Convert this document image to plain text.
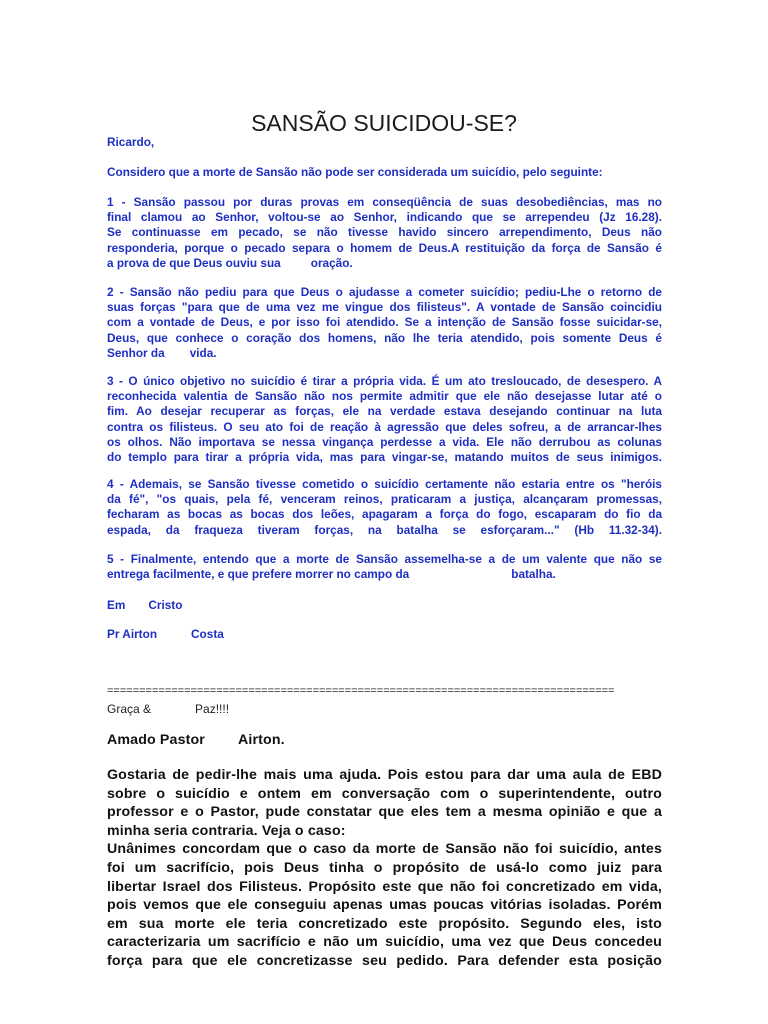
SANSÃO SUICIDOU-SE?

Ricardo,

Considero que a morte de Sansão não pode ser considerada um suicídio, pelo seguinte:

1 - Sansão passou por duras provas em conseqüência de suas desobediências, mas no
final clamou ao Senhor, voltou-se ao Senhor, indicando que se arrependeu (Jz 16.28).
Se continuasse em pecado, se não tivesse havido sincero arrependimento, Deus não
responderia, porque o pecado separa o homem de Deus.A restituição da força de Sansão é
a prova de que Deus ouviu sua	oração.
2 - Sansão não pediu para que Deus o ajudasse a cometer suicídio; pediu-Lhe o retorno de
suas forças "para que de uma vez me vingue dos filisteus". A vontade de Sansão coincidiu
com a vontade de Deus, e por isso foi atendido. Se a intenção de Sansão fosse suicidar-se,
Deus, que conhece o coração dos homens, não lhe teria atendido, pois somente Deus é
Senhor da vida.
3 - O único objetivo no suicídio é tirar a própria vida. É um ato tresloucado, de desespero. A
reconhecida valentia de Sansão não nos permite admitir que ele não desejasse lutar até o
fim. Ao desejar recuperar as forças, ele na verdade estava desejando continuar na luta
contra os filisteus. O seu ato foi de reação à agressão que deles sofreu, a de arrancar-lhes
os olhos. Não importava se nessa vingança perdesse a vida. Ele não derrubou as colunas
do templo para tirar a própria vida, mas para vingar-se, matando muitos de seus inimigos.
4 - Ademais, se Sansão tivesse cometido o suicídio certamente não estaria entre os "heróis
da fé", "os quais, pela fé, venceram reinos, praticaram a justiça, alcançaram promessas,
fecharam as bocas as bocas dos leões, apagaram a força do fogo, escaparam do fio da
espada, da fraqueza tiveram forças, na batalha se esforçaram..." (Hb 11.32-34).
5 - Finalmente, entendo que a morte de Sansão assemelha-se a de um valente que não se
entrega facilmente, e que prefere morrer no campo da	batalha.

Em Cristo

Pr Airton	Costa

===============================================================================

Graça &	Paz!!!!

Amado Pastor Airton.

Gostaria de pedir-lhe mais uma ajuda. Pois estou para dar uma aula de EBD
sobre o suicídio e ontem em conversação com o superintendente, outro
professor e o Pastor, pude constatar que eles tem a mesma opinião e que a
minha seria contraria. Veja o caso:
Unânimes concordam que o caso da morte de Sansão não foi suicídio, antes
foi um sacrifício, pois Deus tinha o propósito de usá-lo como juiz para
libertar Israel dos Filisteus. Propósito este que não foi concretizado em vida,
pois vemos que ele conseguiu apenas umas poucas vitórias isoladas. Porém
em sua morte ele teria concretizado este propósito. Segundo eles, isto
caracterizaria um sacrifício e não um suicídio, uma vez que Deus concedeu
força para que ele concretizasse seu pedido. Para defender esta posição
